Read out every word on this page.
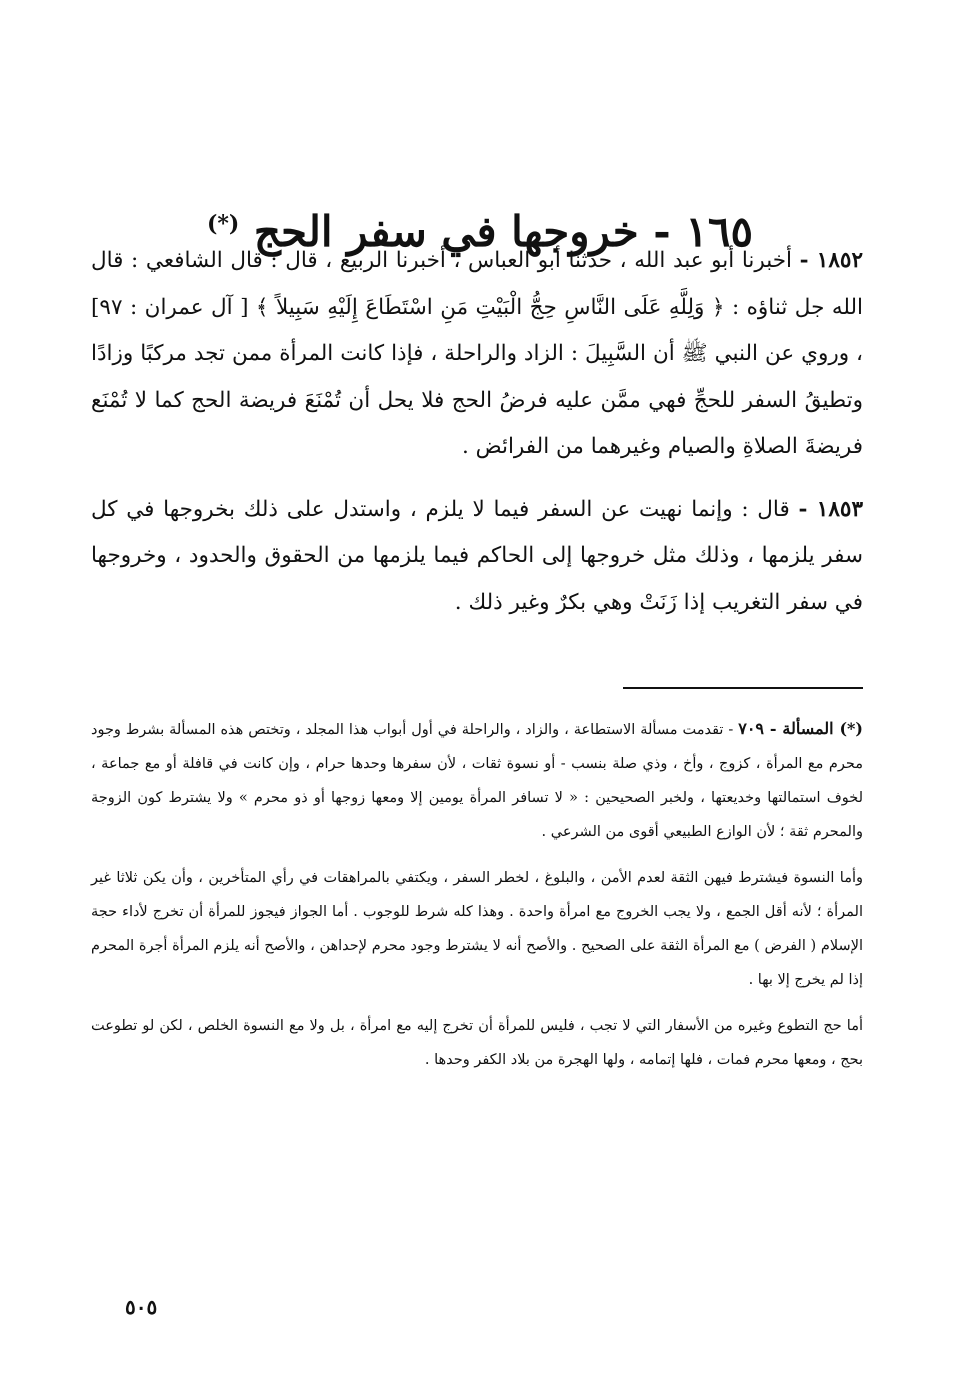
١٦٥ - خروجها في سفر الحج (*)

١٨٥٢ - أخبرنا أبو عبد الله ، حدثنا أبو العباس ، أخبرنا الربيع ، قال : قال الشافعي : قال الله جل ثناؤه : ﴿ وَلِلَّهِ عَلَى النَّاسِ حِجُّ الْبَيْتِ مَنِ اسْتَطَاعَ إِلَيْهِ سَبِيلاً ﴾ [ آل عمران : ٩٧] ، وروي عن النبي ﷺ أن السَّبِيلَ : الزاد والراحلة ، فإذا كانت المرأة ممن تجد مركبًا وزادًا وتطيقُ السفر للحجِّ فهي ممَّن عليه فرضُ الحج فلا يحل أن تُمْنَعَ فريضة الحج كما لا تُمْنَع فريضةَ الصلاةِ والصيام وغيرهما من الفرائض .

١٨٥٣ - قال : وإنما نهيت عن السفر فيما لا يلزم ، واستدل على ذلك بخروجها في كل سفر يلزمها ، وذلك مثل خروجها إلى الحاكم فيما يلزمها من الحقوق والحدود ، وخروجها في سفر التغريب إذا زَنَتْ وهي بكرٌ وغير ذلك .

(*) المسألة - ٧٠٩ - تقدمت مسألة الاستطاعة ، والزاد ، والراحلة في أول أبواب هذا المجلد ، وتختص هذه المسألة بشرط وجود محرم مع المرأة ، كزوج ، وأخ ، وذي صلة بنسب - أو نسوة ثقات ، لأن سفرها وحدها حرام ، وإن كانت في قافلة أو مع جماعة ، لخوف استمالتها وخديعتها ، ولخبر الصحيحين : « لا تسافر المرأة يومين إلا ومعها زوجها أو ذو محرم » ولا يشترط كون الزوجة والمحرم ثقة ؛ لأن الوازع الطبيعي أقوى من الشرعي .

وأما النسوة فيشترط فيهن الثقة لعدم الأمن ، والبلوغ ، لخطر السفر ، ويكتفي بالمراهقات في رأي المتأخرين ، وأن يكن ثلاثا غير المرأة ؛ لأنه أقل الجمع ، ولا يجب الخروج مع امرأة واحدة . وهذا كله شرط للوجوب . أما الجواز فيجوز للمرأة أن تخرج لأداء حجة الإسلام ( الفرض ) مع المرأة الثقة على الصحيح . والأصح أنه لا يشترط وجود محرم لإحداهن ، والأصح أنه يلزم المرأة أجرة المحرم إذا لم يخرج إلا بها .

أما حج التطوع وغيره من الأسفار التي لا تجب ، فليس للمرأة أن تخرج إليه مع امرأة ، بل ولا مع النسوة الخلص ، لكن لو تطوعت بحج ، ومعها محرم فمات ، فلها إتمامه ، ولها الهجرة من بلاد الكفر وحدها .

٥٠٥
